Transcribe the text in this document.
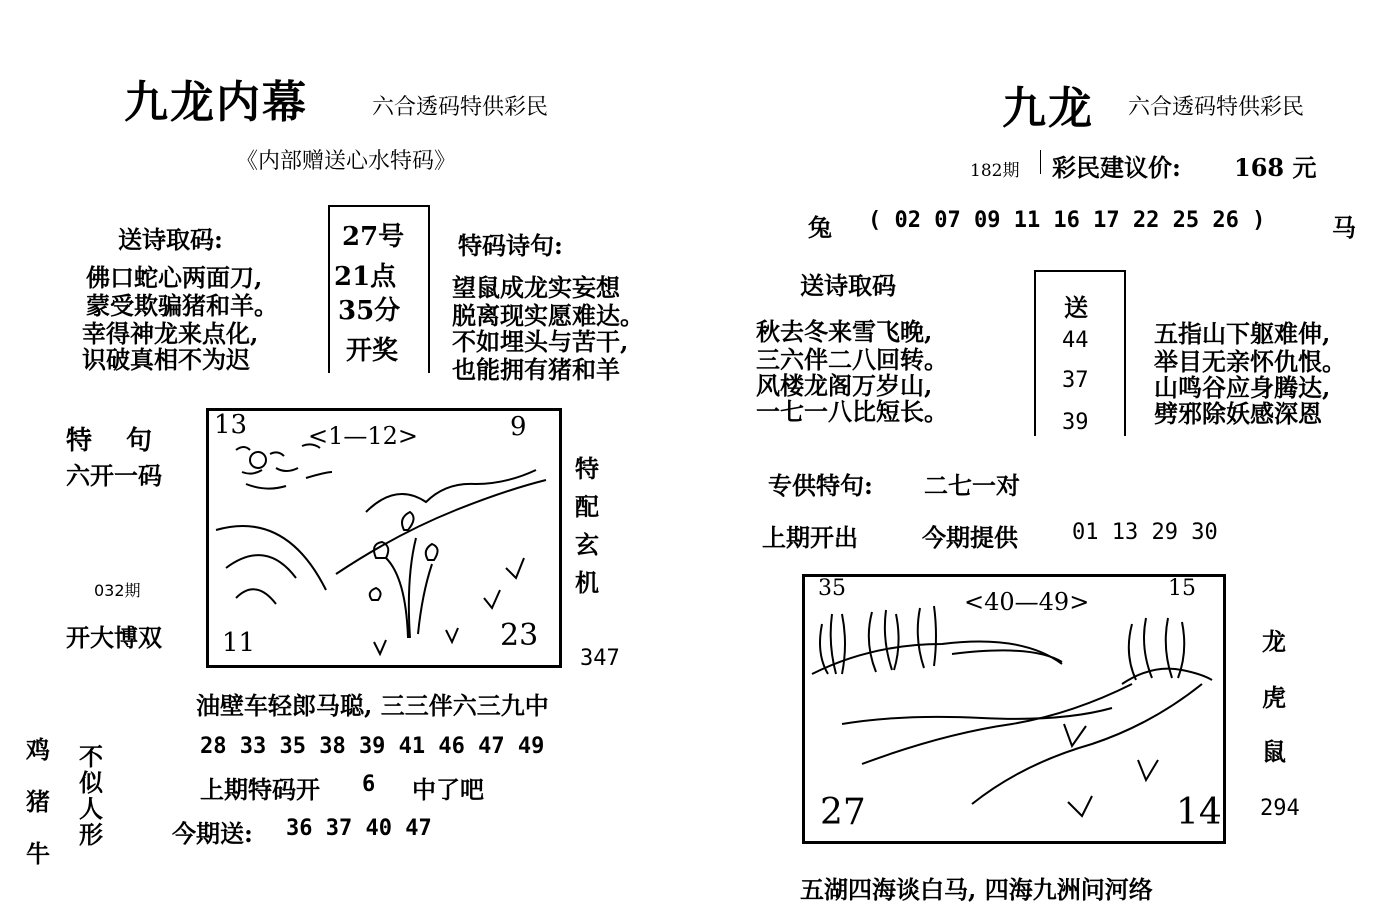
九龙内幕	六合透码特供彩民
《内部赠送心水特码》
送诗取码:
佛口蛇心两面刀,
蒙受欺骗猪和羊。
幸得神龙来点化,
识破真相不为迟
27号
21点
35分
开奖
特码诗句:
望鼠成龙实妄想
脱离现实愿难达。
不如埋头与苦干,
也能拥有猪和羊
特　句
六开一码
032期
开大博双
13	9
<1—12>
11	23
特配玄机
347
油壁车轻郎马聪, 三三伴六三九中
28 33 35 38 39 41 46 47 49
上期特码开 6 中了吧
今期送: 36 37 40 47
鸡
猪
牛
不似人形
九龙 六合透码特供彩民
182期 彩民建议价: 168 元
兔 ( 02 07 09 11 16 17 22 25 26 )	马
送诗取码
秋去冬来雪飞晚,
三六伴二八回转。
风楼龙阁万岁山,
一七一八比短长。
送
44
37
39
五指山下躯难伸,
举目无亲怀仇恨。
山鸣谷应身腾达,
劈邪除妖感深恩
专供特句: 二七一对
上期开出	今期提供 01 13 29 30
35	15
<40—49>
27	14
龙
虎
鼠
294
五湖四海谈白马, 四海九洲问河络
